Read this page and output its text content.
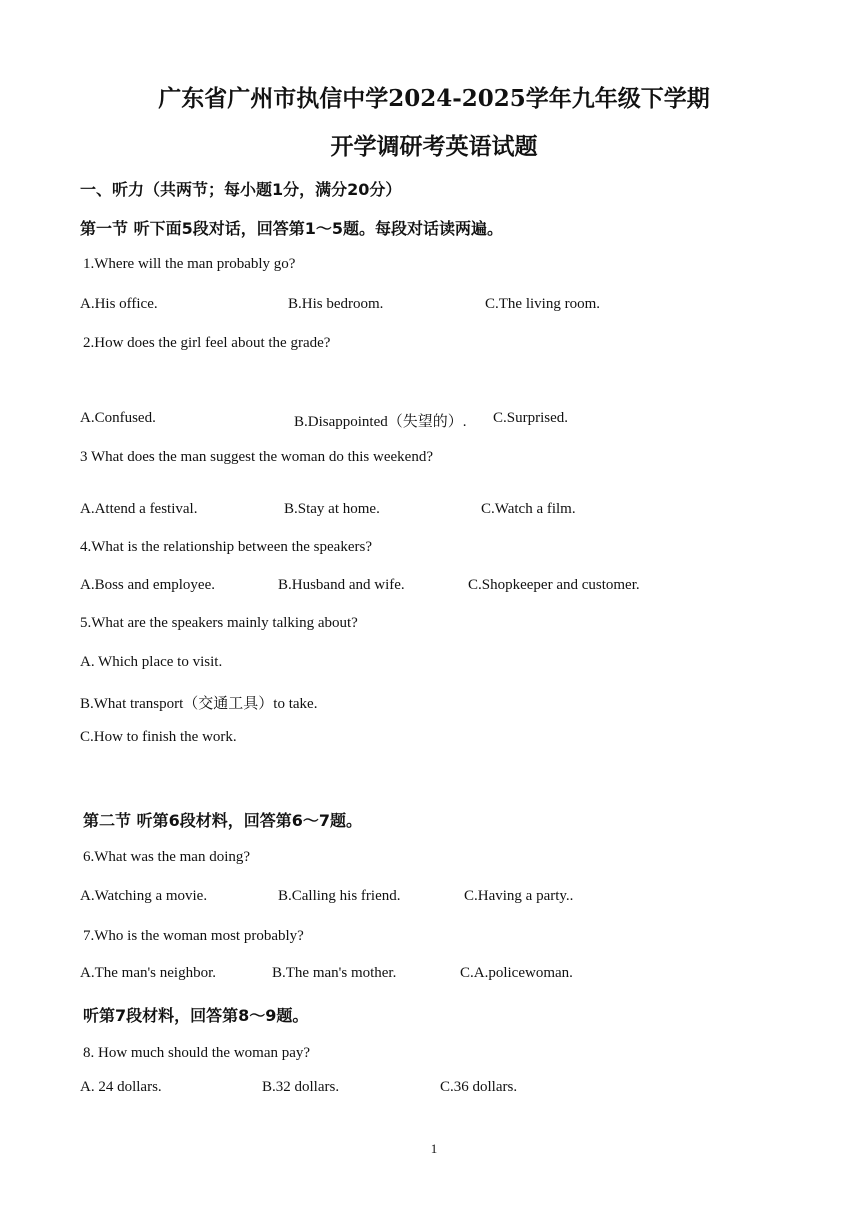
广东省广州市执信中学2024-2025学年九年级下学期
开学调研考英语试题
一、听力（共两节；每小题1分，满分20分）
第一节 听下面5段对话，回答第1～5题。每段对话读两遍。
1.Where will the man probably go?
A.His office.	B.His bedroom.	C.The living room.
2.How does the girl feel about the grade?
A.Confused.	B.Disappointed（失望的）. C.Surprised.
3 What does the man suggest the woman do this weekend?
A.Attend a festival.	B.Stay at home.	C.Watch a film.
4.What is the relationship between the speakers?
A.Boss and employee.	B.Husband and wife.	C.Shopkeeper and customer.
5.What are the speakers mainly talking about?
A. Which place to visit.
B.What transport（交通工具）to take.
C.How to finish the work.
第二节 听第6段材料，回答第6～7题。
6.What was the man doing?
A.Watching a movie.	B.Calling his friend.	C.Having a party..
7.Who is the woman most probably?
A.The man's neighbor.	B.The man's mother.	C.A.policewoman.
听第7段材料，回答第8～9题。
8. How much should the woman pay?
A. 24 dollars.	B.32 dollars.	C.36 dollars.
1
